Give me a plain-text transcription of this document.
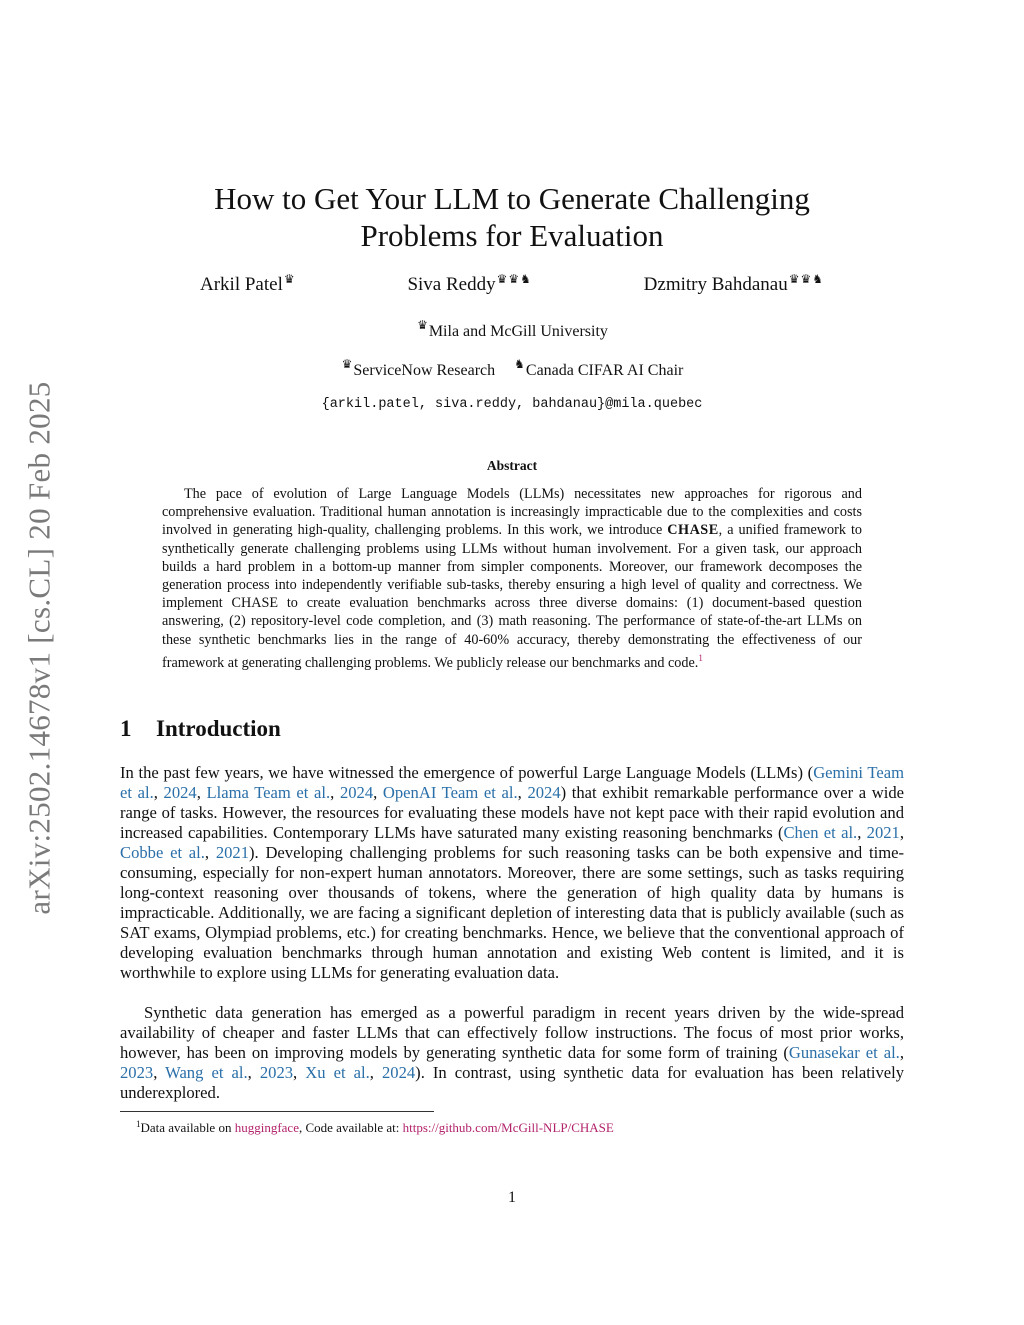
arXiv:2502.14678v1 [cs.CL] 20 Feb 2025
How to Get Your LLM to Generate Challenging
Problems for Evaluation
Arkil Patel♛	Siva Reddy♛♛♞	Dzmitry Bahdanau♛♛♞
♛Mila and McGill University
♛ServiceNow Research ♞Canada CIFAR AI Chair
{arkil.patel, siva.reddy, bahdanau}@mila.quebec
Abstract

The pace of evolution of Large Language Models (LLMs) necessitates new approaches for rigorous and comprehensive evaluation. Traditional human annotation is increasingly impracticable due to the complexities and costs involved in generating high-quality, challenging problems. In this work, we introduce CHASE, a unified framework to synthetically generate challenging problems using LLMs without human involvement. For a given task, our approach builds a hard problem in a bottom-up manner from simpler components. Moreover, our framework decomposes the generation process into independently verifiable sub-tasks, thereby ensuring a high level of quality and correctness. We implement CHASE to create evaluation benchmarks across three diverse domains: (1) document-based question answering, (2) repository-level code completion, and (3) math reasoning. The performance of state-of-the-art LLMs on these synthetic benchmarks lies in the range of 40-60% accuracy, thereby demonstrating the effectiveness of our framework at generating challenging problems. We publicly release our benchmarks and code.$^1$

1 Introduction

In the past few years, we have witnessed the emergence of powerful Large Language Models (LLMs) (Gemini Team et al., 2024, Llama Team et al., 2024, OpenAI Team et al., 2024) that exhibit remarkable performance over a wide range of tasks. However, the resources for evaluating these models have not kept pace with their rapid evolution and increased capabilities. Contemporary LLMs have saturated many existing reasoning benchmarks (Chen et al., 2021, Cobbe et al., 2021). Developing challenging problems for such reasoning tasks can be both expensive and time-consuming, especially for non-expert human annotators. Moreover, there are some settings, such as tasks requiring long-context reasoning over thousands of tokens, where the generation of high quality data by humans is impracticable. Additionally, we are facing a significant depletion of interesting data that is publicly available (such as SAT exams, Olympiad problems, etc.) for creating benchmarks. Hence, we believe that the conventional approach of developing evaluation benchmarks through human annotation and existing Web content is limited, and it is worthwhile to explore using LLMs for generating evaluation data.

Synthetic data generation has emerged as a powerful paradigm in recent years driven by the wide-spread availability of cheaper and faster LLMs that can effectively follow instructions. The focus of most prior works, however, has been on improving models by generating synthetic data for some form of training (Gunasekar et al., 2023, Wang et al., 2023, Xu et al., 2024). In contrast, using synthetic data for evaluation has been relatively underexplored.

$^1$Data available on huggingface, Code available at: https://github.com/McGill-NLP/CHASE

1
